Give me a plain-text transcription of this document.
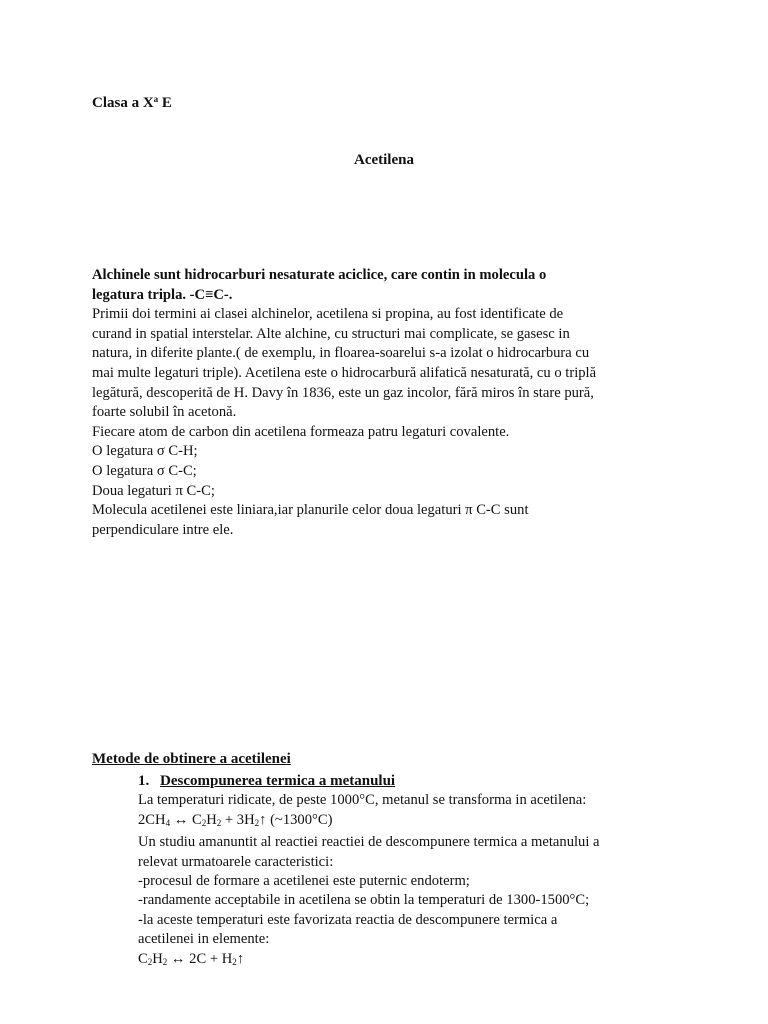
Clasa a $X^a$ E
Acetilena

Alchinele sunt hidrocarburi nesaturate aciclice, care contin in molecula o

legatura tripla. -C≡C-.

Primii doi termini ai clasei alchinelor, acetilena si propina, au fost identificate de

curand in spatial interstelar. Alte alchine, cu structuri mai complicate, se gasesc in

natura, in diferite plante.( de exemplu, in floarea-soarelui s-a izolat o hidrocarbura cu

mai multe legaturi triple). Acetilena este o hidrocarbură alifatică nesaturată, cu o triplă

legătură, descoperită de H. Davy în 1836, este un gaz incolor, fără miros în stare pură,

foarte solubil în acetonă.

Fiecare atom de carbon din acetilena formeaza patru legaturi covalente.

O legatura σ C-H;

O legatura σ C-C;

Doua legaturi π C-C;

Molecula acetilenei este liniara,iar planurile celor doua legaturi π C-C sunt

perpendiculare intre ele.

Metode de obtinere a acetilenei
1. Descompunerea termica a metanului

La temperaturi ridicate, de peste 1000°C, metanul se transforma in acetilena:

$2CH_4$ ↔ $C_2H_2$ + $3H_2↑$ (~1300°C)

Un studiu amanuntit al reactiei reactiei de descompunere termica a metanului a

relevat urmatoarele caracteristici:

-procesul de formare a acetilenei este puternic endoterm;

-randamente acceptabile in acetilena se obtin la temperaturi de 1300-1500°C;

-la aceste temperaturi este favorizata reactia de descompunere termica a

acetilenei in elemente:

$C_2H_2$ ↔ $2C + H_2↑$
